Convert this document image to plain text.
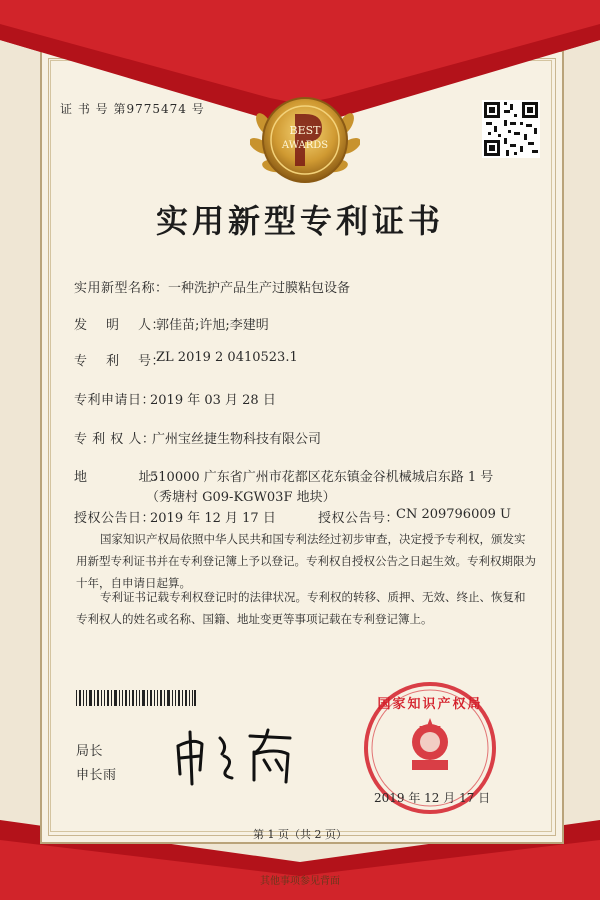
BEST
AWARDS
证 书 号 第9775474 号
实用新型专利证书
实用新型名称： 一种洗护产品生产过膜粘包设备
发    明    人：
郭佳苗;许旭;李建明
专    利    号：
ZL 2019 2 0410523.1
专利申请日：
2019 年 03 月 28 日
专 利 权 人：
广州宝丝捷生物科技有限公司
地           址：
510000 广东省广州市花都区花东镇金谷机械城启东路 1 号
（秀塘村 G09-KGW03F 地块）
授权公告日：
2019 年 12 月 17 日	授权公告号：
CN 209796009 U
国家知识产权局依照中华人民共和国专利法经过初步审查，决定授予专利权，颁发实用新型专利证书并在专利登记簿上予以登记。专利权自授权公告之日起生效。专利权期限为十年，自申请日起算。
专利证书记载专利权登记时的法律状况。专利权的转移、质押、无效、终止、恢复和专利权人的姓名或名称、国籍、地址变更等事项记载在专利登记簿上。
局长
申长雨
国家知识产权局
2019 年 12 月 17 日
第 1 页（共 2 页）
其他事项参见背面
